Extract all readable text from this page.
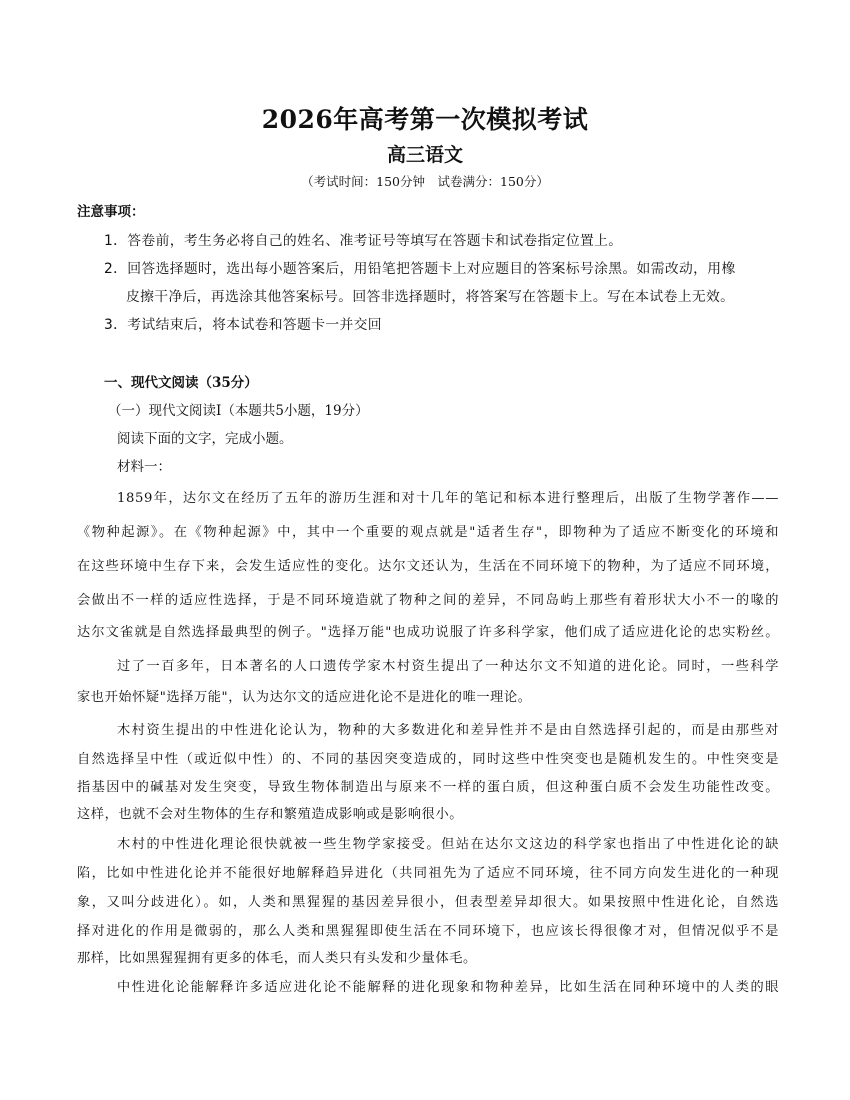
2026年高考第一次模拟考试
高三语文
（考试时间：150分钟　试卷满分：150分）
注意事项：
1．答卷前，考生务必将自己的姓名、准考证号等填写在答题卡和试卷指定位置上。
2．回答选择题时，选出每小题答案后，用铅笔把答题卡上对应题目的答案标号涂黑。如需改动，用橡
皮擦干净后，再选涂其他答案标号。回答非选择题时，将答案写在答题卡上。写在本试卷上无效。
3．考试结束后，将本试卷和答题卡一并交回
一、现代文阅读（35分）
（一）现代文阅读Ⅰ（本题共5小题，19分）
阅读下面的文字，完成小题。
材料一：
1859年，达尔文在经历了五年的游历生涯和对十几年的笔记和标本进行整理后，出版了生物学著作——
《物种起源》。在《物种起源》中，其中一个重要的观点就是"适者生存"，即物种为了适应不断变化的环境和
在这些环境中生存下来，会发生适应性的变化。达尔文还认为，生活在不同环境下的物种，为了适应不同环境，
会做出不一样的适应性选择，于是不同环境造就了物种之间的差异，不同岛屿上那些有着形状大小不一的喙的
达尔文雀就是自然选择最典型的例子。"选择万能"也成功说服了许多科学家，他们成了适应进化论的忠实粉丝。
过了一百多年，日本著名的人口遗传学家木村资生提出了一种达尔文不知道的进化论。同时，一些科学
家也开始怀疑"选择万能"，认为达尔文的适应进化论不是进化的唯一理论。
木村资生提出的中性进化论认为，物种的大多数进化和差异性并不是由自然选择引起的，而是由那些对
自然选择呈中性（或近似中性）的、不同的基因突变造成的，同时这些中性突变也是随机发生的。中性突变是
指基因中的碱基对发生突变，导致生物体制造出与原来不一样的蛋白质，但这种蛋白质不会发生功能性改变。
这样，也就不会对生物体的生存和繁殖造成影响或是影响很小。
木村的中性进化理论很快就被一些生物学家接受。但站在达尔文这边的科学家也指出了中性进化论的缺
陷，比如中性进化论并不能很好地解释趋异进化（共同祖先为了适应不同环境，往不同方向发生进化的一种现
象，又叫分歧进化）。如，人类和黑猩猩的基因差异很小，但表型差异却很大。如果按照中性进化论，自然选
择对进化的作用是微弱的，那么人类和黑猩猩即使生活在不同环境下，也应该长得很像才对，但情况似乎不是
那样，比如黑猩猩拥有更多的体毛，而人类只有头发和少量体毛。
中性进化论能解释许多适应进化论不能解释的进化现象和物种差异，比如生活在同种环境中的人类的眼
